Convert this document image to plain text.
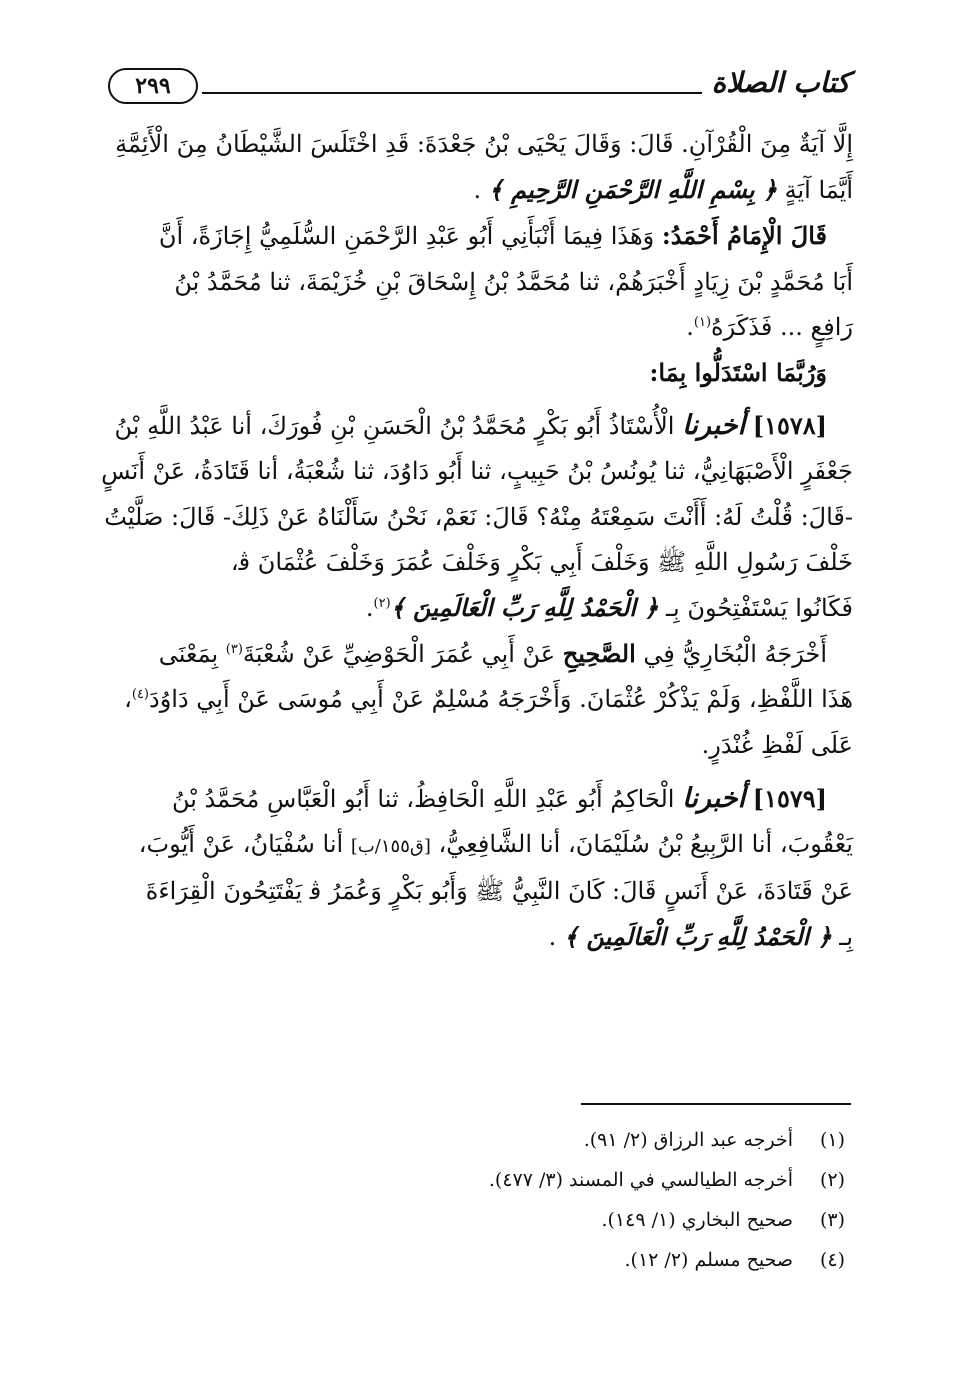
كتاب الصلاة
٢٩٩

إِلَّا آيَةٌ مِنَ الْقُرْآنِ. قَالَ: وَقَالَ يَحْيَى بْنُ جَعْدَةَ: قَدِ اخْتَلَسَ الشَّيْطَانُ مِنَ الْأَئِمَّةِ

أَيَّمَا آيَةٍ ﴿ بِسْمِ اللَّهِ الرَّحْمَنِ الرَّحِيمِ ﴾ .

قَالَ الْإِمَامُ أَحْمَدُ: وَهَذَا فِيمَا أَنْبَأَنِي أَبُو عَبْدِ الرَّحْمَنِ السُّلَمِيُّ إِجَازَةً، أَنَّ

أَبَا مُحَمَّدٍ بْنَ زِيَادٍ أَخْبَرَهُمْ، ثنا مُحَمَّدُ بْنُ إِسْحَاقَ بْنِ خُزَيْمَةَ، ثنا مُحَمَّدُ بْنُ

رَافِعٍ ... فَذَكَرَهُ$^{(١)}$.

وَرُبَّمَا اسْتَدَلُّوا بِمَا:

[١٥٧٨] أخبرنا الْأُسْتَاذُ أَبُو بَكْرٍ مُحَمَّدُ بْنُ الْحَسَنِ بْنِ فُورَكَ، أنا عَبْدُ اللَّهِ بْنُ

جَعْفَرٍ الْأَصْبَهَانِيُّ، ثنا يُونُسُ بْنُ حَبِيبٍ، ثنا أَبُو دَاوُدَ، ثنا شُعْبَةُ، أنا قَتَادَةُ، عَنْ أَنَسٍ

-قَالَ: قُلْتُ لَهُ: أَأَنْتَ سَمِعْتَهُ مِنْهُ؟ قَالَ: نَعَمْ، نَحْنُ سَأَلْنَاهُ عَنْ ذَلِكَ- قَالَ: صَلَّيْتُ

خَلْفَ رَسُولِ اللَّهِ ﷺ وَخَلْفَ أَبِي بَكْرٍ وَخَلْفَ عُمَرَ وَخَلْفَ عُثْمَانَ ﭬ،

فَكَانُوا يَسْتَفْتِحُونَ بِـ ﴿ الْحَمْدُ لِلَّهِ رَبِّ الْعَالَمِينَ ﴾$^{(٢)}$.

أَخْرَجَهُ الْبُخَارِيُّ فِي الصَّحِيحِ عَنْ أَبِي عُمَرَ الْحَوْضِيِّ عَنْ شُعْبَةَ$^{(٣)}$ بِمَعْنَى

هَذَا اللَّفْظِ، وَلَمْ يَذْكُرْ عُثْمَانَ. وَأَخْرَجَهُ مُسْلِمٌ عَنْ أَبِي مُوسَى عَنْ أَبِي دَاوُدَ$^{(٤)}$،

عَلَى لَفْظِ غُنْدَرٍ.

[١٥٧٩] أخبرنا الْحَاكِمُ أَبُو عَبْدِ اللَّهِ الْحَافِظُ، ثنا أَبُو الْعَبَّاسِ مُحَمَّدُ بْنُ

يَعْقُوبَ، أنا الرَّبِيعُ بْنُ سُلَيْمَانَ، أنا الشَّافِعِيُّ، [ق١٥٥/ب] أنا سُفْيَانُ، عَنْ أَيُّوبَ،

عَنْ قَتَادَةَ، عَنْ أَنَسٍ قَالَ: كَانَ النَّبِيُّ ﷺ وَأَبُو بَكْرٍ وَعُمَرُ ﭬ يَفْتَتِحُونَ الْقِرَاءَةَ

بِـ ﴿ الْحَمْدُ لِلَّهِ رَبِّ الْعَالَمِينَ ﴾ .

(١)
أخرجه عبد الرزاق (٢/ ٩١).
(٢)
أخرجه الطيالسي في المسند (٣/ ٤٧٧).
(٣)
صحيح البخاري (١/ ١٤٩).
(٤)
صحيح مسلم (٢/ ١٢).
